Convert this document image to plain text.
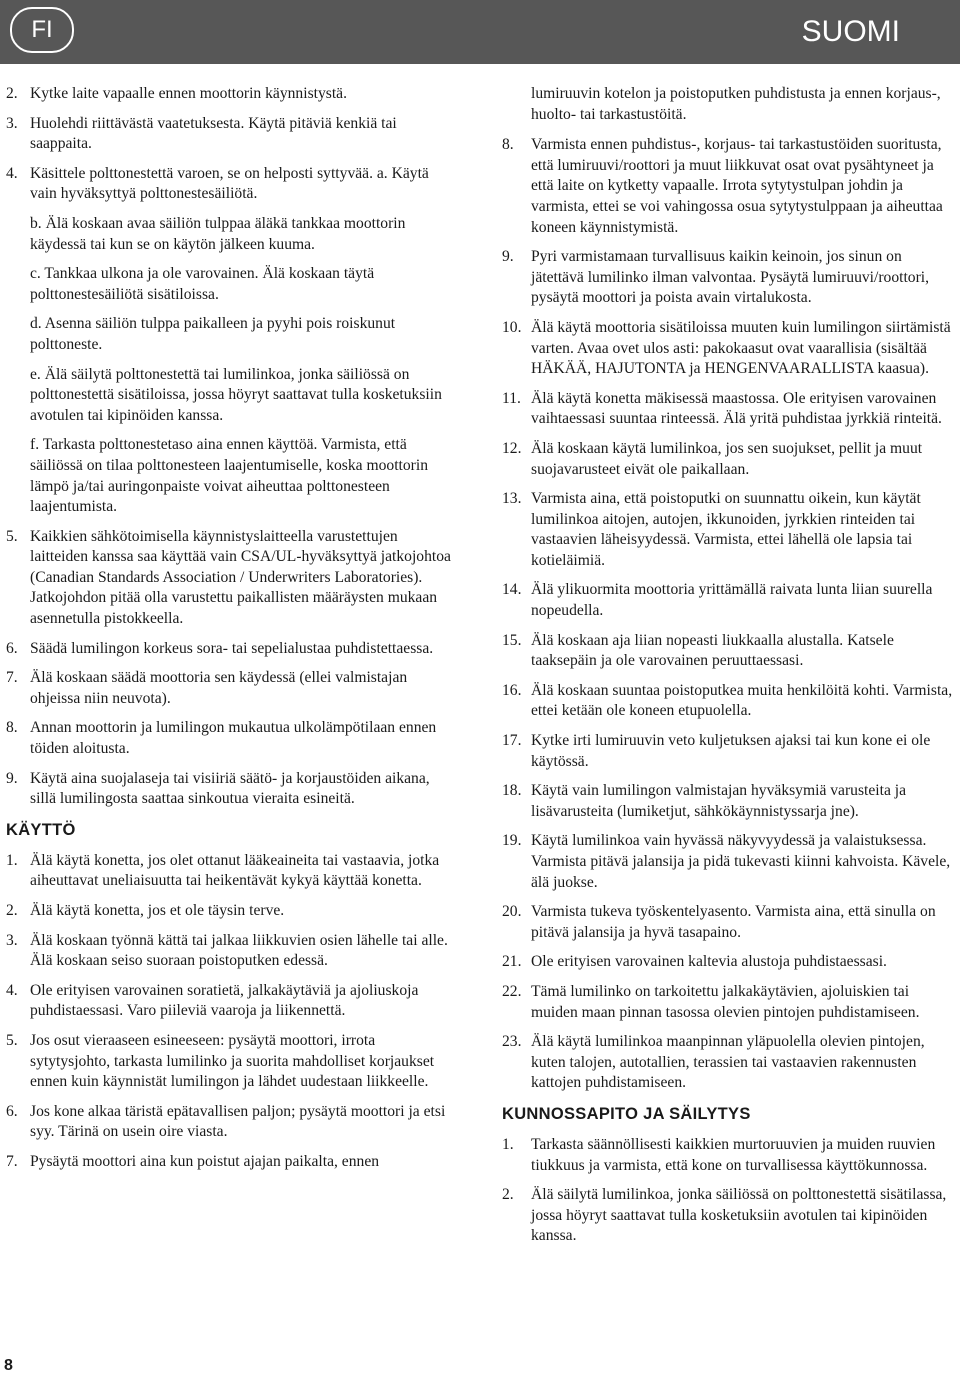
FI	SUOMI
2. Kytke laite vapaalle ennen moottorin käynnistystä.
3. Huolehdi riittävästä vaatetuksesta. Käytä pitäviä kenkiä tai saappaita.
4. Käsittele polttonestettä varoen, se on helposti syttyvää. a. Käytä vain hyväksyttyä polttonestesäiliötä.
b. Älä koskaan avaa säiliön tulppaa äläkä tankkaa moottorin käydessä tai kun se on käytön jälkeen kuuma.
c. Tankkaa ulkona ja ole varovainen. Älä koskaan täytä polttonestesäiliötä sisätiloissa.
d. Asenna säiliön tulppa paikalleen ja pyyhi pois roiskunut polttoneste.
e. Älä säilytä polttonestettä tai lumilinkoa, jonka säiliössä on polttonestettä sisätiloissa, jossa höyryt saattavat tulla kosketuksiin avotulen tai kipinöiden kanssa.
f. Tarkasta polttonestetaso aina ennen käyttöä. Varmista, että säiliössä on tilaa polttonesteen laajentumiselle, koska moottorin lämpö ja/tai auringonpaiste voivat aiheuttaa polttonesteen laajentumista.
5. Kaikkien sähkötoimisella käynnistyslaitteella varustettujen laitteiden kanssa saa käyttää vain CSA/UL-hyväksyttyä jatkojohtoa (Canadian Standards Association / Underwriters Laboratories). Jatkojohdon pitää olla varustettu paikallisten määräysten mukaan asennetulla pistokkeella.
6. Säädä lumilingon korkeus sora- tai sepelialustaa puhdistettaessa.
7. Älä koskaan säädä moottoria sen käydessä (ellei valmistajan ohjeissa niin neuvota).
8. Annan moottorin ja lumilingon mukautua ulkolämpötilaan ennen töiden aloitusta.
9. Käytä aina suojalaseja tai visiiriä säätö- ja korjaustöiden aikana, sillä lumilingosta saattaa sinkoutua vieraita esineitä.
KÄYTTÖ
1. Älä käytä konetta, jos olet ottanut lääkeaineita tai vastaavia, jotka aiheuttavat uneliaisuutta tai heikentävät kykyä käyttää konetta.
2. Älä käytä konetta, jos et ole täysin terve.
3. Älä koskaan työnnä kättä tai jalkaa liikkuvien osien lähelle tai alle. Älä koskaan seiso suoraan poistoputken edessä.
4. Ole erityisen varovainen soratietä, jalkakäytäviä ja ajoliuskoja puhdistaessasi. Varo piileviä vaaroja ja liikennettä.
5. Jos osut vieraaseen esineeseen: pysäytä moottori, irrota sytytysjohto, tarkasta lumilinko ja suorita mahdolliset korjaukset ennen kuin käynnistät lumilingon ja lähdet uudestaan liikkeelle.
6. Jos kone alkaa täristä epätavallisen paljon; pysäytä moottori ja etsi syy. Tärinä on usein oire viasta.
7. Pysäytä moottori aina kun poistut ajajan paikalta, ennen
lumiruuvin kotelon ja poistoputken puhdistusta ja ennen korjaus-, huolto- tai tarkastustöitä.
8. Varmista ennen puhdistus-, korjaus- tai tarkastustöiden suoritusta, että lumiruuvi/roottori ja muut liikkuvat osat ovat pysähtyneet ja että laite on kytketty vapaalle. Irrota sytytystulpan johdin ja varmista, ettei se voi vahingossa osua sytytystulppaan ja aiheuttaa koneen käynnistymistä.
9. Pyri varmistamaan turvallisuus kaikin keinoin, jos sinun on jätettävä lumilinko ilman valvontaa. Pysäytä lumiruuvi/roottori, pysäytä moottori ja poista avain virtalukosta.
10. Älä käytä moottoria sisätiloissa muuten kuin lumilingon siirtämistä varten. Avaa ovet ulos asti: pakokaasut ovat vaarallisia (sisältää HÄKÄÄ, HAJUTONTA ja HENGENVAARALLISTA kaasua).
11. Älä käytä konetta mäkisessä maastossa. Ole erityisen varovainen vaihtaessasi suuntaa rinteessä. Älä yritä puhdistaa jyrkkiä rinteitä.
12. Älä koskaan käytä lumilinkoa, jos sen suojukset, pellit ja muut suojavarusteet eivät ole paikallaan.
13. Varmista aina, että poistoputki on suunnattu oikein, kun käytät lumilinkoa aitojen, autojen, ikkunoiden, jyrkkien rinteiden tai vastaavien läheisyydessä. Varmista, ettei lähellä ole lapsia tai kotieläimiä.
14. Älä ylikuormita moottoria yrittämällä raivata lunta liian suurella nopeudella.
15. Älä koskaan aja liian nopeasti liukkaalla alustalla. Katsele taaksepäin ja ole varovainen peruuttaessasi.
16. Älä koskaan suuntaa poistoputkea muita henkilöitä kohti. Varmista, ettei ketään ole koneen etupuolella.
17. Kytke irti lumiruuvin veto kuljetuksen ajaksi tai kun kone ei ole käytössä.
18. Käytä vain lumilingon valmistajan hyväksymiä varusteita ja lisävarusteita (lumiketjut, sähkökäynnistyssarja jne).
19. Käytä lumilinkoa vain hyvässä näkyvyydessä ja valaistuksessa. Varmista pitävä jalansija ja pidä tukevasti kiinni kahvoista. Kävele, älä juokse.
20. Varmista tukeva työskentelyasento. Varmista aina, että sinulla on pitävä jalansija ja hyvä tasapaino.
21. Ole erityisen varovainen kaltevia alustoja puhdistaessasi.
22. Tämä lumilinko on tarkoitettu jalkakäytävien, ajoluiskien tai muiden maan pinnan tasossa olevien pintojen puhdistamiseen.
23. Älä käytä lumilinkoa maanpinnan yläpuolella olevien pintojen, kuten talojen, autotallien, terassien tai vastaavien rakennusten kattojen puhdistamiseen.
KUNNOSSAPITO JA SÄILYTYS
1. Tarkasta säännöllisesti kaikkien murtoruuvien ja muiden ruuvien tiukkuus ja varmista, että kone on turvallisessa käyttökunnossa.
2. Älä säilytä lumilinkoa, jonka säiliössä on polttonestettä sisätilassa, jossa höyryt saattavat tulla kosketuksiin avotulen tai kipinöiden kanssa.
8
